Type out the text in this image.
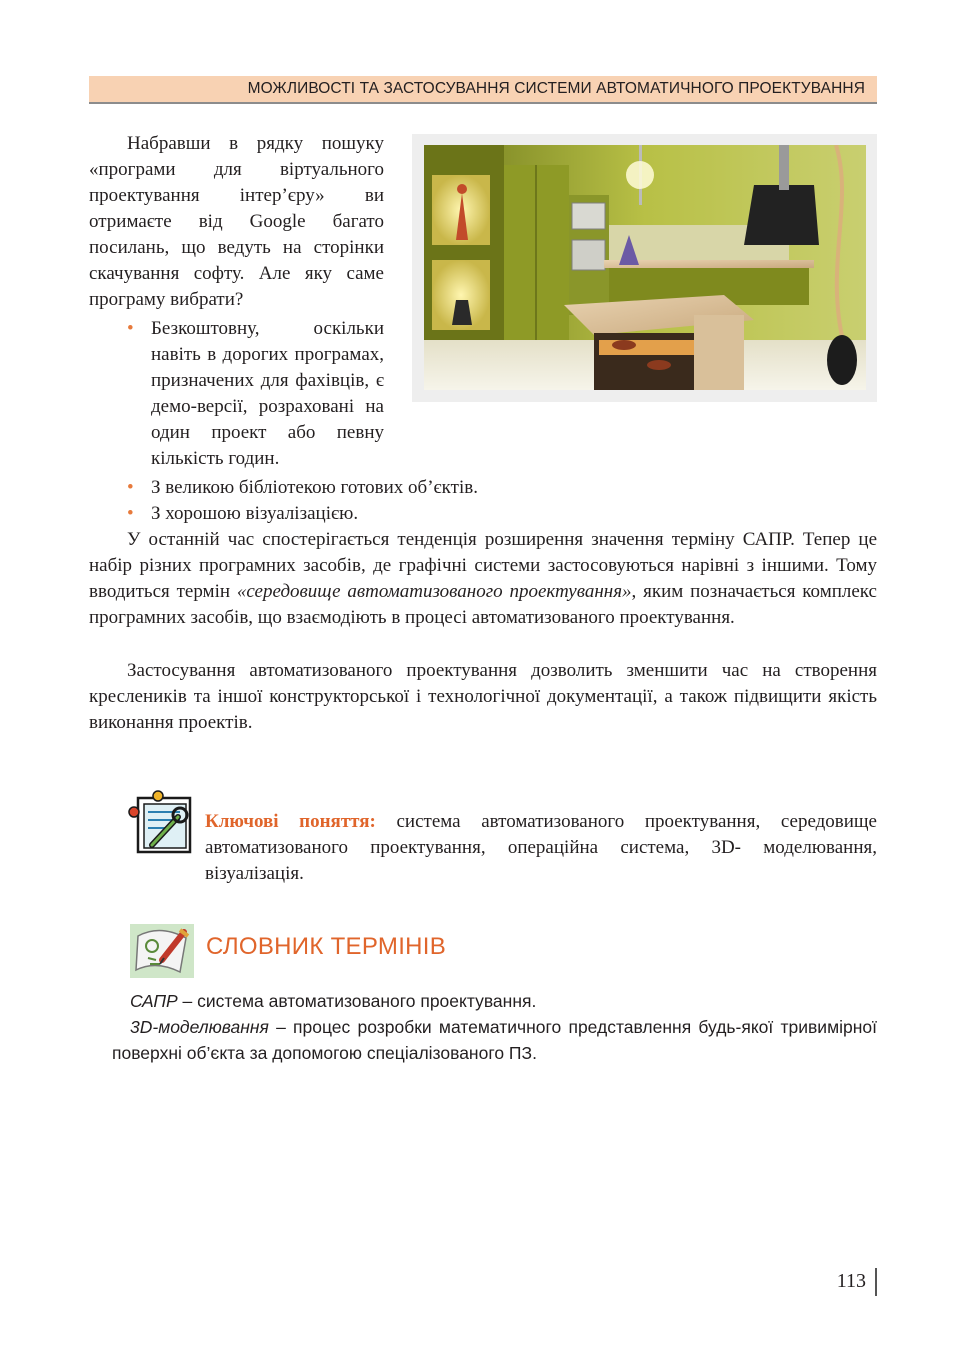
МОЖЛИВОСТІ ТА ЗАСТОСУВАННЯ СИСТЕМИ АВТОМАТИЧНОГО ПРОЕКТУВАННЯ

Набравши в рядку пошуку «програми для віртуального проектування інтер’єру» ви отримаєте від Google багато посилань, що ведуть на сторінки скачування софту. Але яку саме програму вибрати?

• Безкоштовну, оскільки навіть в дорогих програмах, призначених для фахівців, є демо-версії, розраховані на один проект або певну кількість годин.
• З великою бібліотекою готових об’єктів.
• З хорошою візуалізацією.

У останній час спостерігається тенденція розширення значення терміну САПР. Тепер це набір різних програмних засобів, де графічні системи застосовуються нарівні з іншими. Тому вводиться термін «середовище автоматизованого проектування», яким позначається комплекс програмних засобів, що взаємодіють в процесі автоматизованого проектування.

Застосування автоматизованого проектування дозволить зменшити час на створення креслеників та іншої конструкторської і технологічної документації, а також підвищити якість виконання проектів.

Ключові поняття: система автоматизованого проектування, середовище автоматизованого проектування, операційна система, 3D- моделювання, візуалізація.

СЛОВНИК ТЕРМІНІВ

САПР – система автоматизованого проектування.

3D-моделювання – процес розробки математичного представлення будь-якої тривимірної поверхні об’єкта за допомогою спеціалізованого ПЗ.

113
